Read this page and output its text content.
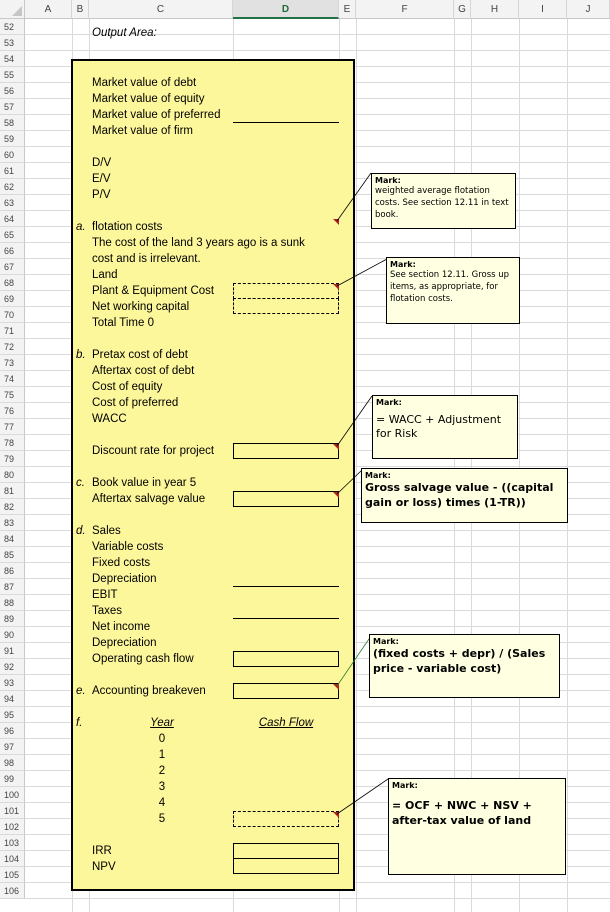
A	B	C	D	E	F	G	H	I	J
52
53
54
55
56
57
58
59
60
61
62
63
64
65
66
67
68
69
70
71
72
73
74
75
76
77
78
79
80
81
82
83
84
85
86
87
88
89
90
91
92
93
94
95
96
97
98
99
100
101
102
103
104
105
106
Output Area:
Market value of debt
Market value of equity
Market value of preferred
Market value of firm
D/V
E/V
P/V
a. flotation costs
The cost of the land 3 years ago is a sunk
cost and is irrelevant.
Land
Plant & Equipment Cost
Net working capital
Total Time 0
b. Pretax cost of debt
Aftertax cost of debt
Cost of equity
Cost of preferred
WACC
Discount rate for project
c. Book value in year 5
Aftertax salvage value
d. Sales
Variable costs
Fixed costs
Depreciation
EBIT
Taxes
Net income
Depreciation
Operating cash flow
e. Accounting breakeven
f.	Year	Cash Flow
0
1
2
3
4
5
IRR
NPV
Mark:
weighted average flotation costs. See section 12.11 in text book.
Mark:
See section 12.11. Gross up items, as appropriate, for flotation costs.
Mark:
= WACC + Adjustment for Risk
Mark:
Gross salvage value - ((capital gain or loss) times (1-TR))
Mark:
(fixed costs + depr) / (Sales price - variable cost)
Mark:
= OCF + NWC + NSV + after-tax value of land
